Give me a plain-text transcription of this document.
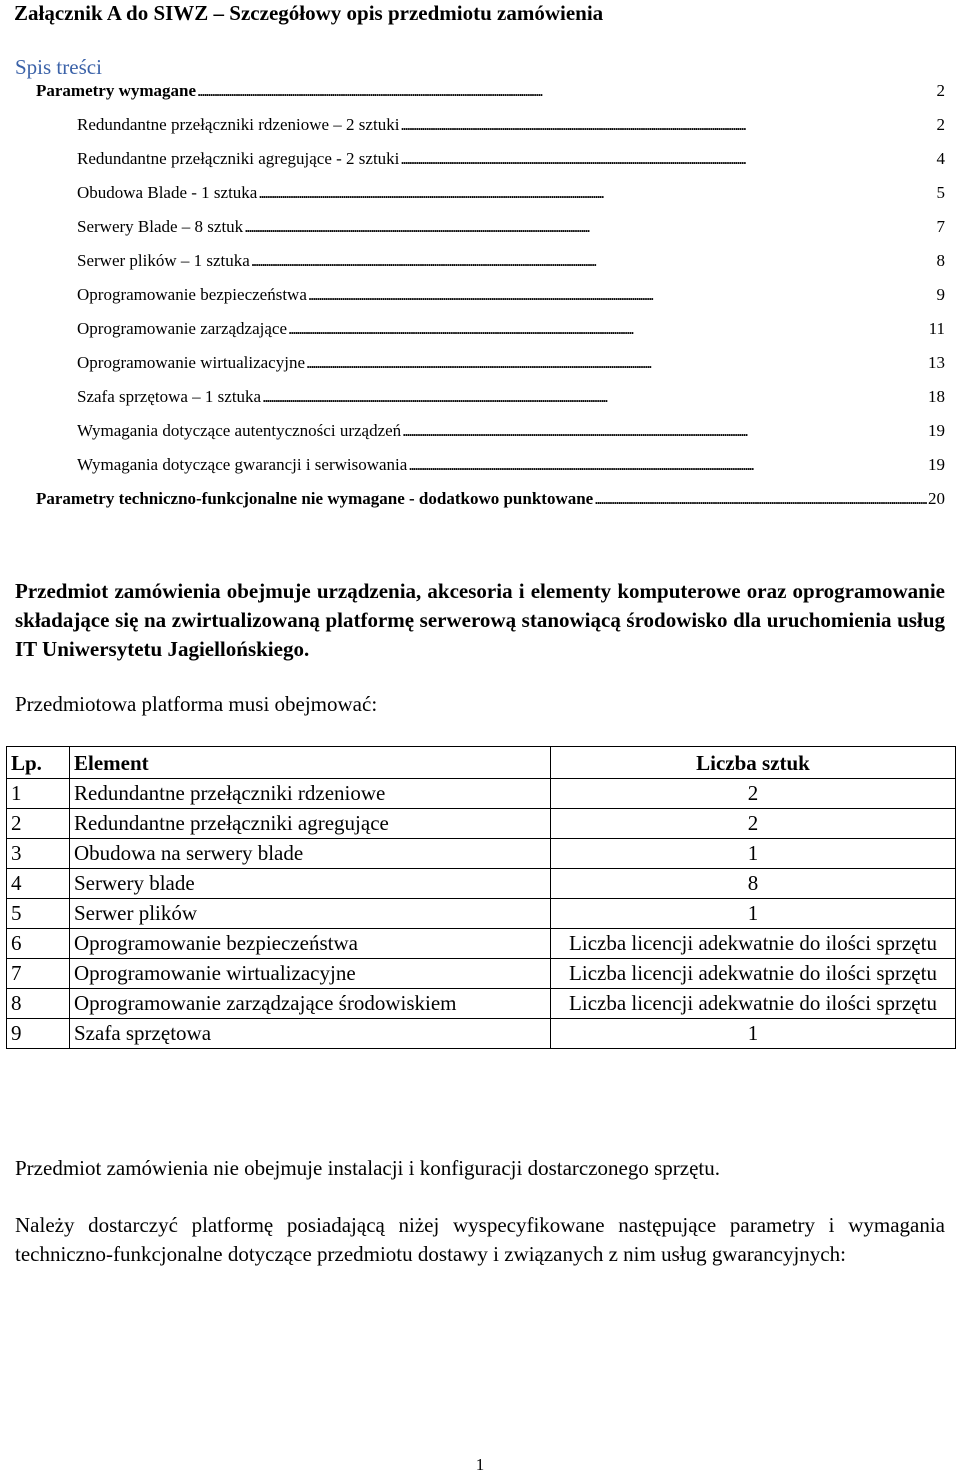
Załącznik A do SIWZ – Szczegółowy opis przedmiotu zamówienia
Spis treści
Parametry wymagane . . .	2
Redundantne przełączniki rdzeniowe – 2 sztuki . . .	2
Redundantne przełączniki agregujące - 2 sztuki . . .	4
Obudowa Blade - 1 sztuka . . .	5
Serwery Blade – 8 sztuk . . .	7
Serwer plików – 1 sztuka . . .	8
Oprogramowanie bezpieczeństwa . . .	9
Oprogramowanie zarządzające . . .	11
Oprogramowanie wirtualizacyjne . . .	13
Szafa sprzętowa – 1 sztuka . . .	18
Wymagania dotyczące autentyczności urządzeń . . .	19
Wymagania dotyczące gwarancji i serwisowania . . .	19
Parametry techniczno-funkcjonalne nie wymagane - dodatkowo punktowane . . .	20

Przedmiot zamówienia obejmuje urządzenia, akcesoria i elementy komputerowe oraz oprogramowanie składające się na zwirtualizowaną platformę serwerową stanowiącą środowisko dla uruchomienia usług IT Uniwersytetu Jagiellońskiego.

Przedmiotowa platforma musi obejmować:

Lp.	Element	Liczba sztuk
1	Redundantne przełączniki rdzeniowe	2
2	Redundantne przełączniki agregujące	2
3	Obudowa na serwery blade	1
4	Serwery blade	8
5	Serwer plików	1
6	Oprogramowanie bezpieczeństwa	Liczba licencji adekwatnie do ilości sprzętu
7	Oprogramowanie wirtualizacyjne	Liczba licencji adekwatnie do ilości sprzętu
8	Oprogramowanie zarządzające środowiskiem	Liczba licencji adekwatnie do ilości sprzętu
9	Szafa sprzętowa	1

Przedmiot zamówienia nie obejmuje instalacji i konfiguracji dostarczonego sprzętu.

Należy dostarczyć platformę posiadającą niżej wyspecyfikowane następujące parametry i wymagania techniczno-funkcjonalne dotyczące przedmiotu dostawy i związanych z nim usług gwarancyjnych:

1
